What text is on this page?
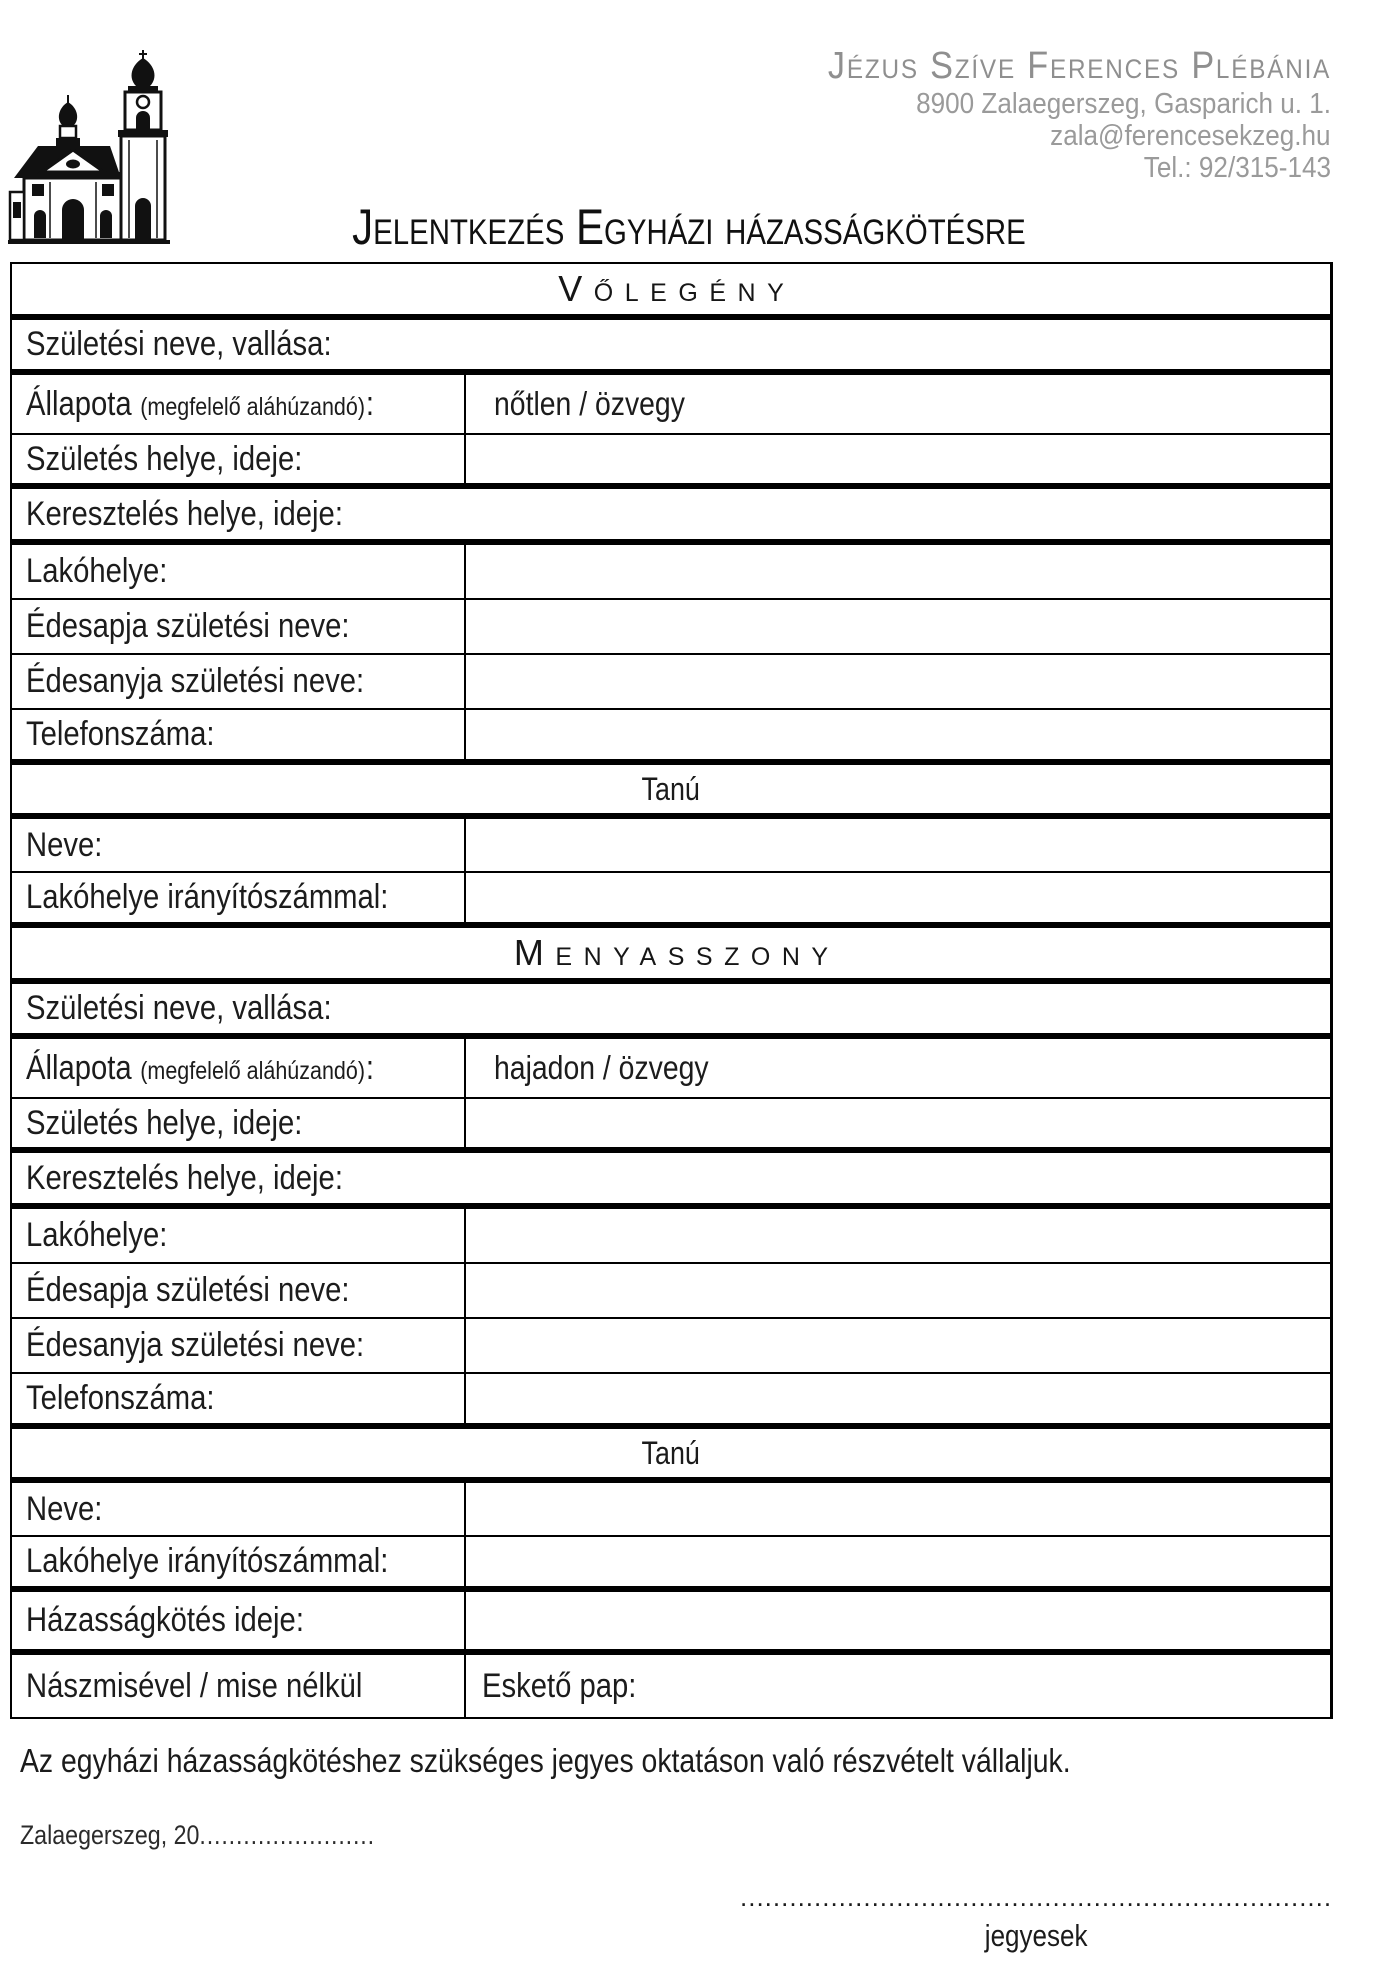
Jézus Szíve Ferences Plébánia
8900 Zalaegerszeg, Gasparich u. 1.
zala@ferencesekzeg.hu
Tel.: 92/315-143
Jelentkezés Egyházi házasságkötésre
Vőlegény
Születési neve, vallása:
Állapota (megfelelő aláhúzandó):	nőtlen / özvegy
Születés helye, ideje:
Keresztelés helye, ideje:
Lakóhelye:
Édesapja születési neve:
Édesanyja születési neve:
Telefonszáma:
Tanú
Neve:
Lakóhelye irányítószámmal:
Menyasszony
Születési neve, vallása:
Állapota (megfelelő aláhúzandó):	hajadon / özvegy
Születés helye, ideje:
Keresztelés helye, ideje:
Lakóhelye:
Édesapja születési neve:
Édesanyja születési neve:
Telefonszáma:
Tanú
Neve:
Lakóhelye irányítószámmal:
Házasságkötés ideje:
Nászmisével / mise nélkül	Eskető pap:
Az egyházi házasságkötéshez szükséges jegyes oktatáson való részvételt vállaljuk.
Zalaegerszeg, 20........................
........................................................................
jegyesek
